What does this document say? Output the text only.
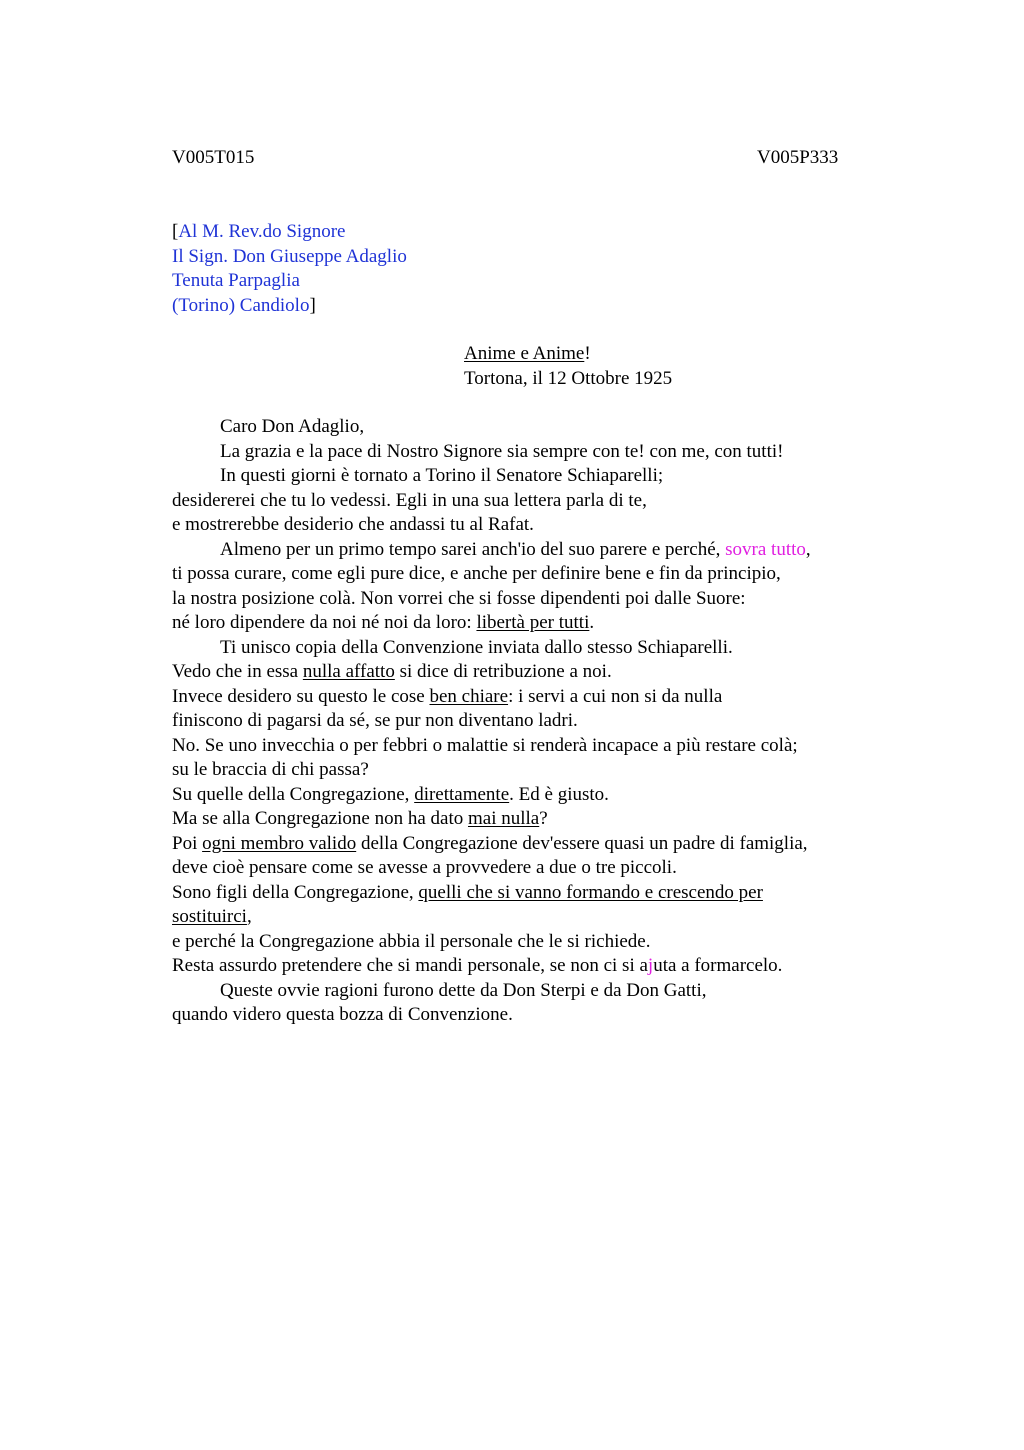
V005T015	V005P333
[Al M. Rev.do Signore
Il Sign. Don Giuseppe Adaglio
Tenuta Parpaglia
(Torino) Candiolo]
Anime e Anime!
Tortona, il 12 Ottobre 1925
Caro Don Adaglio,
La grazia e la pace di Nostro Signore sia sempre con te! con me, con tutti!
In questi giorni è tornato a Torino il Senatore Schiaparelli;
desidererei che tu lo vedessi. Egli in una sua lettera parla di te,
e mostrerebbe desiderio che andassi tu al Rafat.
Almeno per un primo tempo sarei anch'io del suo parere e perché, sovra tutto,
ti possa curare, come egli pure dice, e anche per definire bene e fin da principio,
la nostra posizione colà. Non vorrei che si fosse dipendenti poi dalle Suore:
né loro dipendere da noi né noi da loro: libertà per tutti.
Ti unisco copia della Convenzione inviata dallo stesso Schiaparelli.
Vedo che in essa nulla affatto si dice di retribuzione a noi.
Invece desidero su questo le cose ben chiare: i servi a cui non si da nulla
finiscono di pagarsi da sé, se pur non diventano ladri.
No. Se uno invecchia o per febbri o malattie si renderà incapace a più restare colà;
su le braccia di chi passa?
Su quelle della Congregazione, direttamente. Ed è giusto.
Ma se alla Congregazione non ha dato mai nulla?
Poi ogni membro valido della Congregazione dev'essere quasi un padre di famiglia,
deve cioè pensare come se avesse a provvedere a due o tre piccoli.
Sono figli della Congregazione, quelli che si vanno formando e crescendo per
sostituirci,
e perché la Congregazione abbia il personale che le si richiede.
Resta assurdo pretendere che si mandi personale, se non ci si ajuta a formarcelo.
Queste ovvie ragioni furono dette da Don Sterpi e da Don Gatti,
quando videro questa bozza di Convenzione.
